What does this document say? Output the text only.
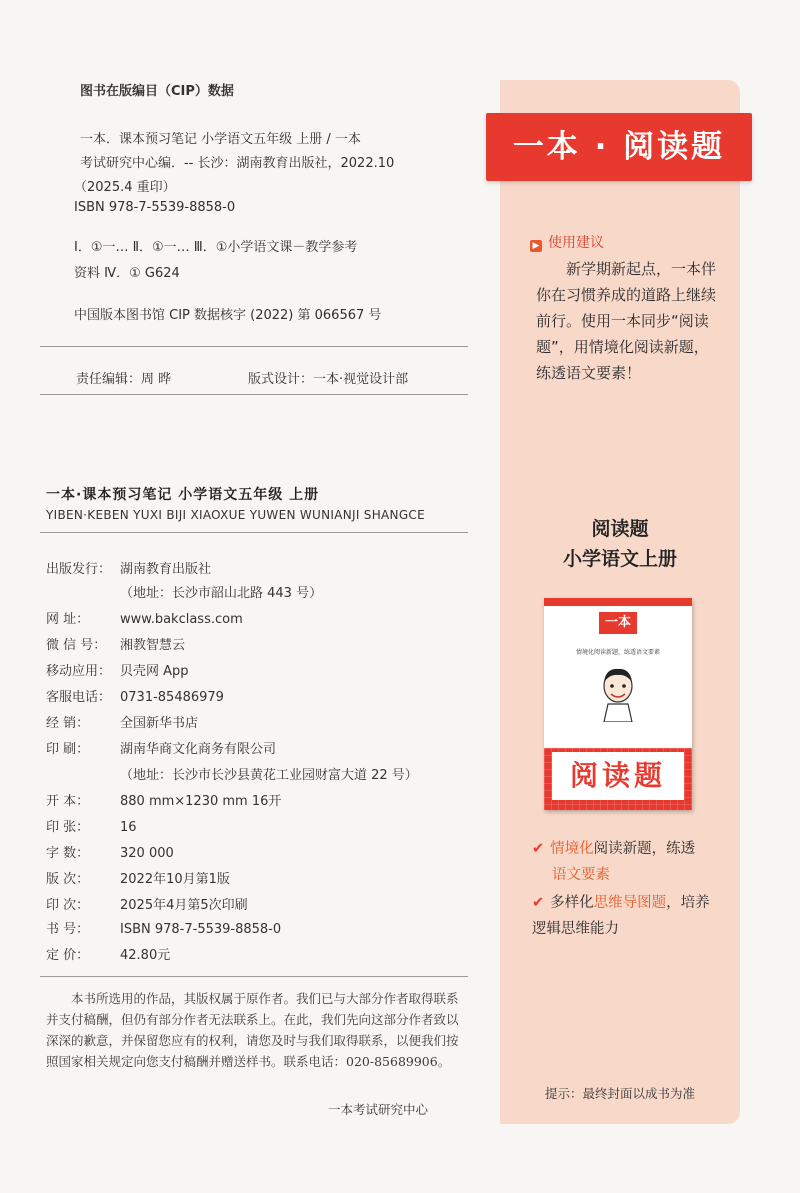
图书在版编目（CIP）数据
一本．课本预习笔记 小学语文五年级 上册 / 一本
考试研究中心编．-- 长沙：湖南教育出版社，2022.10
（2025.4 重印）
ISBN 978-7-5539-8858-0
Ⅰ．①一… Ⅱ．①一… Ⅲ．①小学语文课－教学参考
资料 Ⅳ．① G624
中国版本图书馆 CIP 数据核字 (2022) 第 066567 号
责任编辑：周 晔	版式设计：一本·视觉设计部
一本·课本预习笔记 小学语文五年级 上册
YIBEN·KEBEN YUXI BIJI XIAOXUE YUWEN WUNIANJI SHANGCE
出版发行： 湖南教育出版社
（地址：长沙市韶山北路 443 号）
网 址： www.bakclass.com
微 信 号： 湘教智慧云
移动应用： 贝壳网 App
客服电话： 0731-85486979
经 销： 全国新华书店
印 刷： 湖南华商文化商务有限公司
（地址：长沙市长沙县黄花工业园财富大道 22 号）
开 本： 880 mm×1230 mm 16开
印 张： 16
字 数： 320 000
版 次： 2022年10月第1版
印 次： 2025年4月第5次印刷
书 号： ISBN 978-7-5539-8858-0
定 价： 42.80元
本书所选用的作品，其版权属于原作者。我们已与大部分作者取得联系并支付稿酬，但仍有部分作者无法联系上。在此，我们先向这部分作者致以深深的歉意，并保留您应有的权利，请您及时与我们取得联系，以便我们按照国家相关规定向您支付稿酬并赠送样书。联系电话：020-85689906。
一本考试研究中心
一本 · 阅读题
▶ 使用建议
新学期新起点，一本伴你在习惯养成的道路上继续前行。使用一本同步“阅读题”，用情境化阅读新题，练透语文要素！
阅读题
小学语文上册
一本
情境化阅读新题，练透语文要素
阅读题
✔ 情境化阅读新题，练透
语文要素
✔ 多样化思维导图题，培养逻辑思维能力
提示：最终封面以成书为准
